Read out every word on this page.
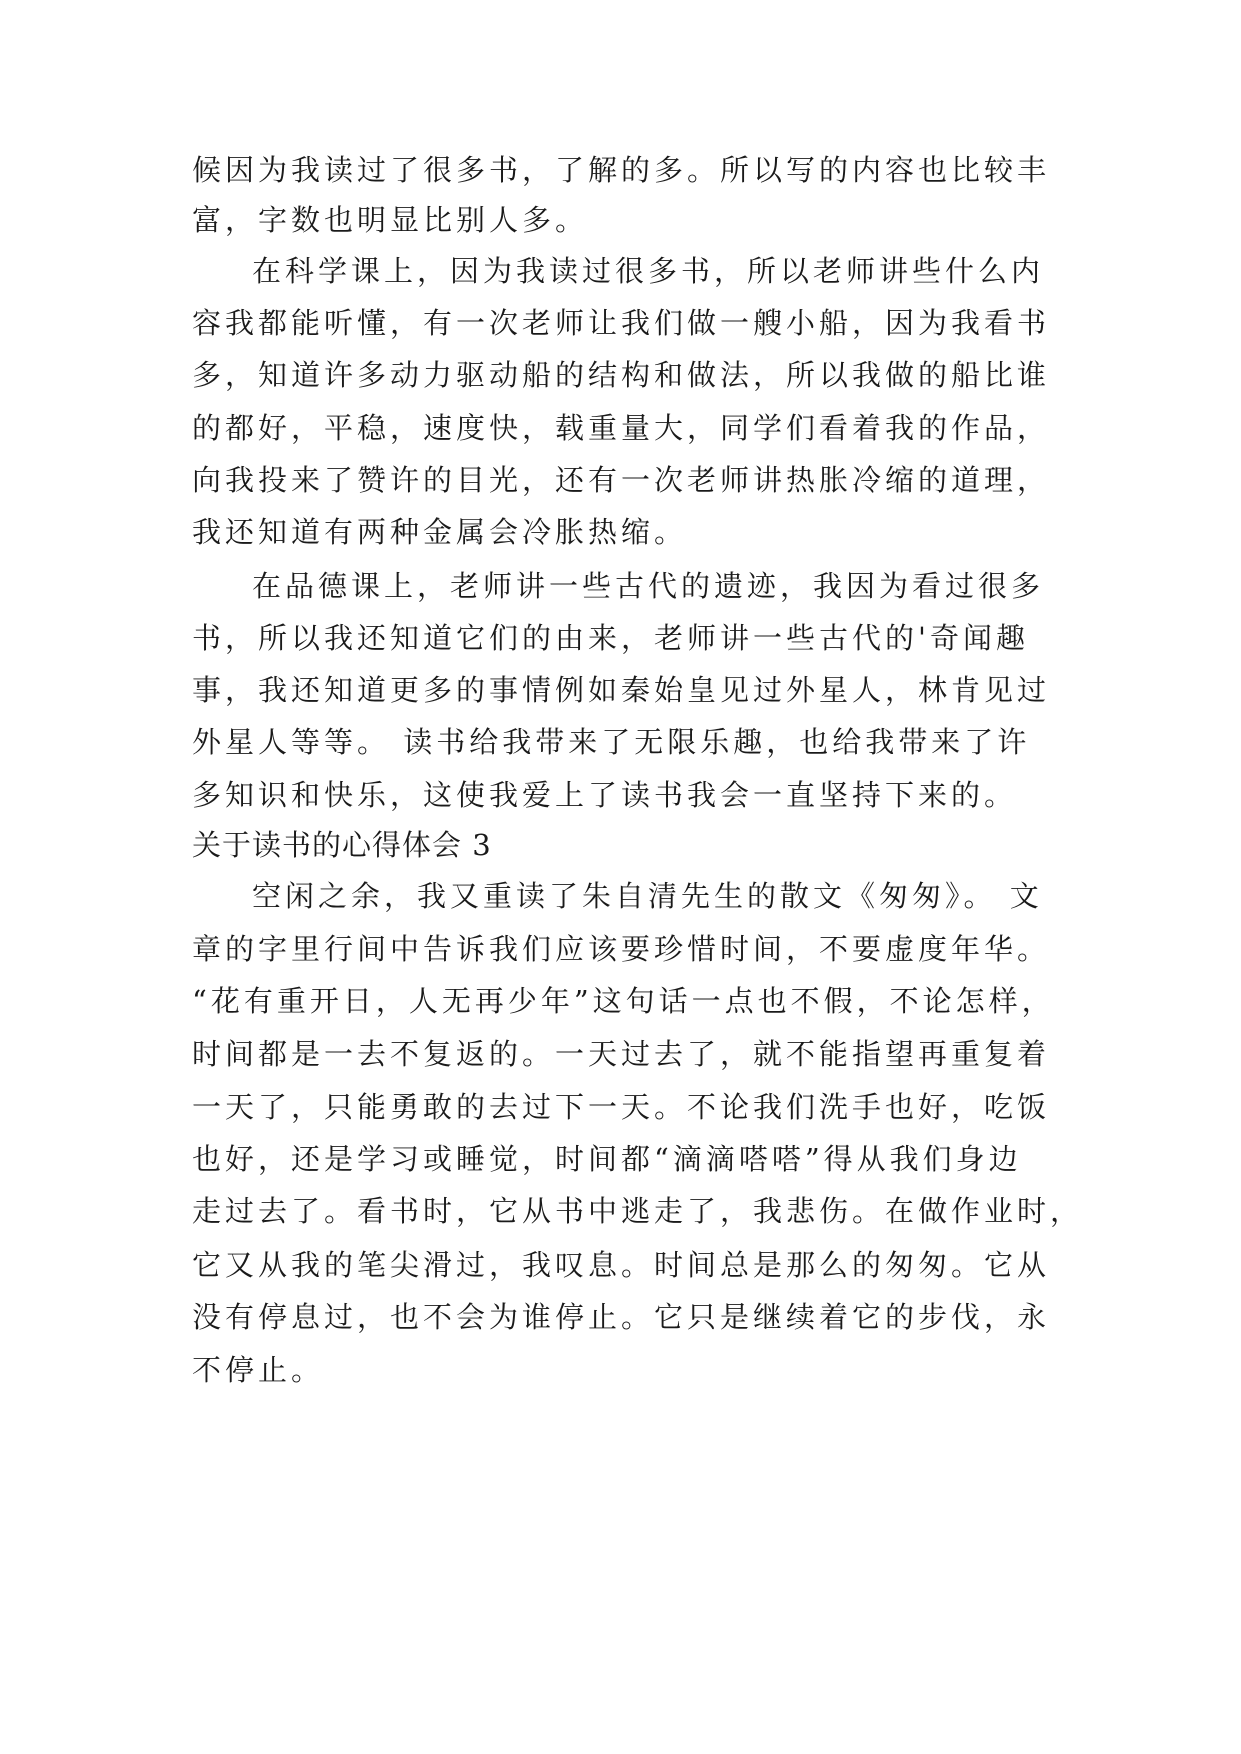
候因为我读过了很多书，了解的多。所以写的内容也比较丰
富，字数也明显比别人多。
在科学课上，因为我读过很多书，所以老师讲些什么内
容我都能听懂，有一次老师让我们做一艘小船，因为我看书
多，知道许多动力驱动船的结构和做法，所以我做的船比谁
的都好，平稳，速度快，载重量大，同学们看着我的作品，
向我投来了赞许的目光，还有一次老师讲热胀冷缩的道理，
我还知道有两种金属会冷胀热缩。
在品德课上，老师讲一些古代的遗迹，我因为看过很多
书，所以我还知道它们的由来，老师讲一些古代的'奇闻趣
事，我还知道更多的事情例如秦始皇见过外星人，林肯见过
外星人等等。 读书给我带来了无限乐趣，也给我带来了许
多知识和快乐，这使我爱上了读书我会一直坚持下来的。
关于读书的心得体会 3
空闲之余，我又重读了朱自清先生的散文《匆匆》。 文
章的字里行间中告诉我们应该要珍惜时间，不要虚度年华。
“花有重开日，人无再少年”这句话一点也不假，不论怎样，
时间都是一去不复返的。一天过去了，就不能指望再重复着
一天了，只能勇敢的去过下一天。不论我们洗手也好，吃饭
也好，还是学习或睡觉，时间都“滴滴嗒嗒”得从我们身边
走过去了。看书时，它从书中逃走了，我悲伤。在做作业时，
它又从我的笔尖滑过，我叹息。时间总是那么的匆匆。它从
没有停息过，也不会为谁停止。它只是继续着它的步伐，永
不停止。
